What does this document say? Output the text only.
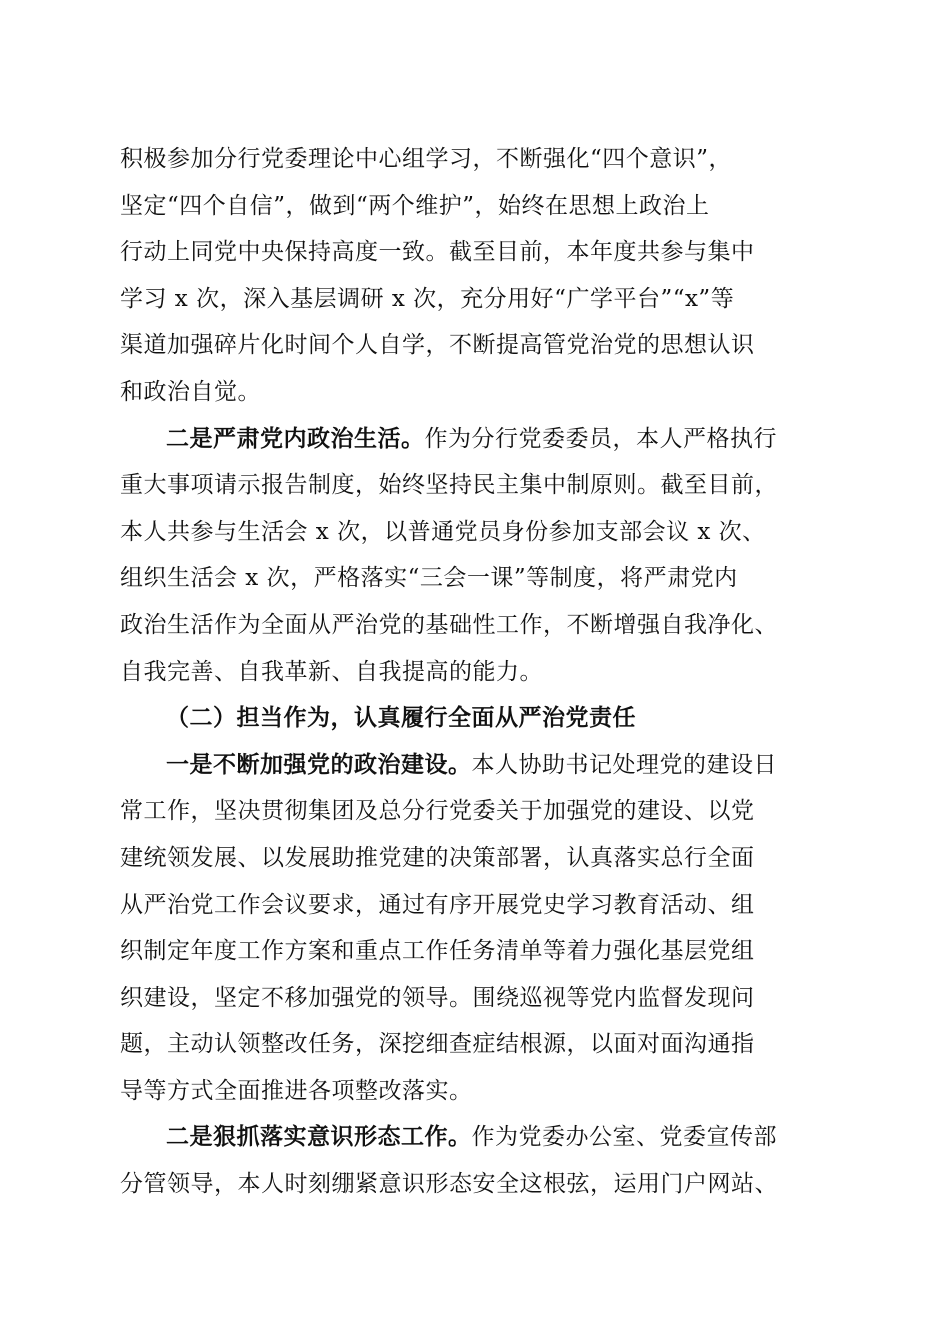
积极参加分行党委理论中心组学习，不断强化“四个意识”，
坚定“四个自信”，做到“两个维护”，始终在思想上政治上
行动上同党中央保持高度一致。截至目前，本年度共参与集中
学习 x 次，深入基层调研 x 次，充分用好“广学平台”“x”等
渠道加强碎片化时间个人自学，不断提高管党治党的思想认识
和政治自觉。
二是严肃党内政治生活。作为分行党委委员，本人严格执行
重大事项请示报告制度，始终坚持民主集中制原则。截至目前，
本人共参与生活会 x 次，以普通党员身份参加支部会议 x 次、
组织生活会 x 次，严格落实“三会一课”等制度，将严肃党内
政治生活作为全面从严治党的基础性工作，不断增强自我净化、
自我完善、自我革新、自我提高的能力。
（二）担当作为，认真履行全面从严治党责任
一是不断加强党的政治建设。本人协助书记处理党的建设日
常工作，坚决贯彻集团及总分行党委关于加强党的建设、以党
建统领发展、以发展助推党建的决策部署，认真落实总行全面
从严治党工作会议要求，通过有序开展党史学习教育活动、组
织制定年度工作方案和重点工作任务清单等着力强化基层党组
织建设，坚定不移加强党的领导。围绕巡视等党内监督发现问
题，主动认领整改任务，深挖细查症结根源，以面对面沟通指
导等方式全面推进各项整改落实。
二是狠抓落实意识形态工作。作为党委办公室、党委宣传部
分管领导，本人时刻绷紧意识形态安全这根弦，运用门户网站、
